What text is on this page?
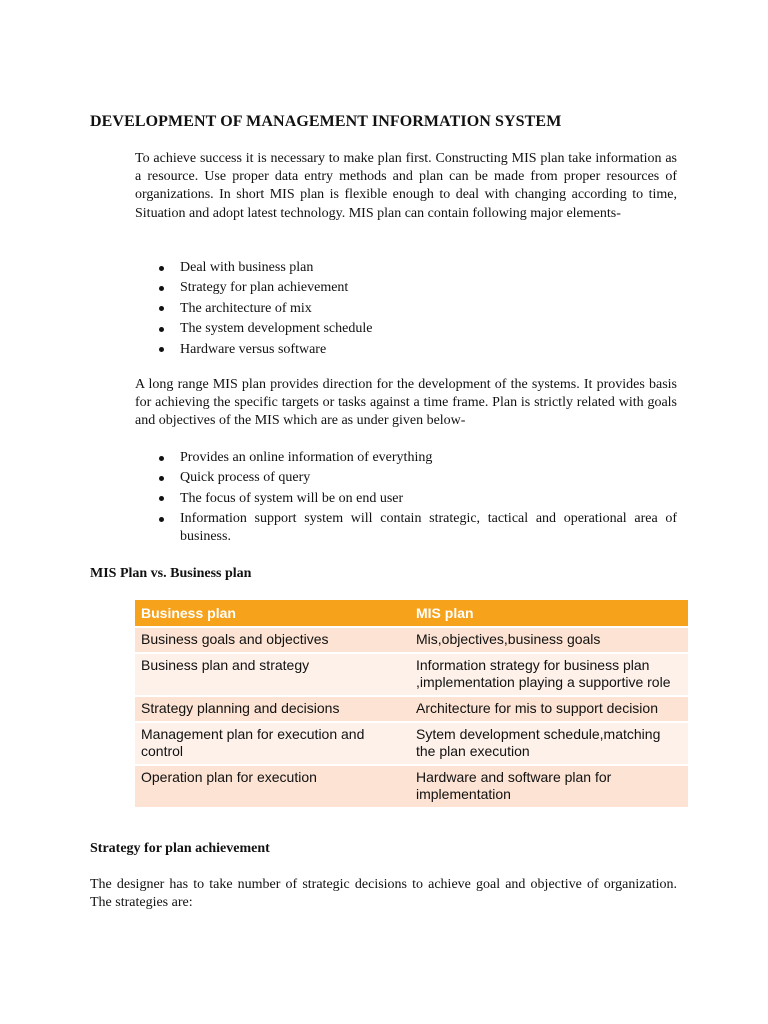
DEVELOPMENT OF MANAGEMENT INFORMATION SYSTEM

To achieve success it is necessary to make plan first. Constructing MIS plan take information as a resource. Use proper data entry methods and plan can be made from proper resources of organizations. In short MIS plan is flexible enough to deal with changing according to time, Situation and adopt latest technology. MIS plan can contain following major elements-

Deal with business plan
Strategy for plan achievement
The architecture of mix
The system development schedule
Hardware versus software

A long range MIS plan provides direction for the development of the systems. It provides basis for achieving the specific targets or tasks against a time frame. Plan is strictly related with goals and objectives of the MIS which are as under given below-

Provides an online information of everything
Quick process of query
The focus of system will be on end user
Information support system will contain strategic, tactical and operational area of business.
MIS Plan vs. Business plan
Business plan	MIS plan
Business goals and objectives	Mis,objectives,business goals
Business plan and strategy	Information strategy for business plan ,implementation playing a supportive role
Strategy planning and decisions	Architecture for mis to support decision
Management plan for execution and control	Sytem development schedule,matching the plan execution
Operation plan for execution	Hardware and software plan for implementation
Strategy for plan achievement

The designer has to take number of strategic decisions to achieve goal and objective of organization. The strategies are:
